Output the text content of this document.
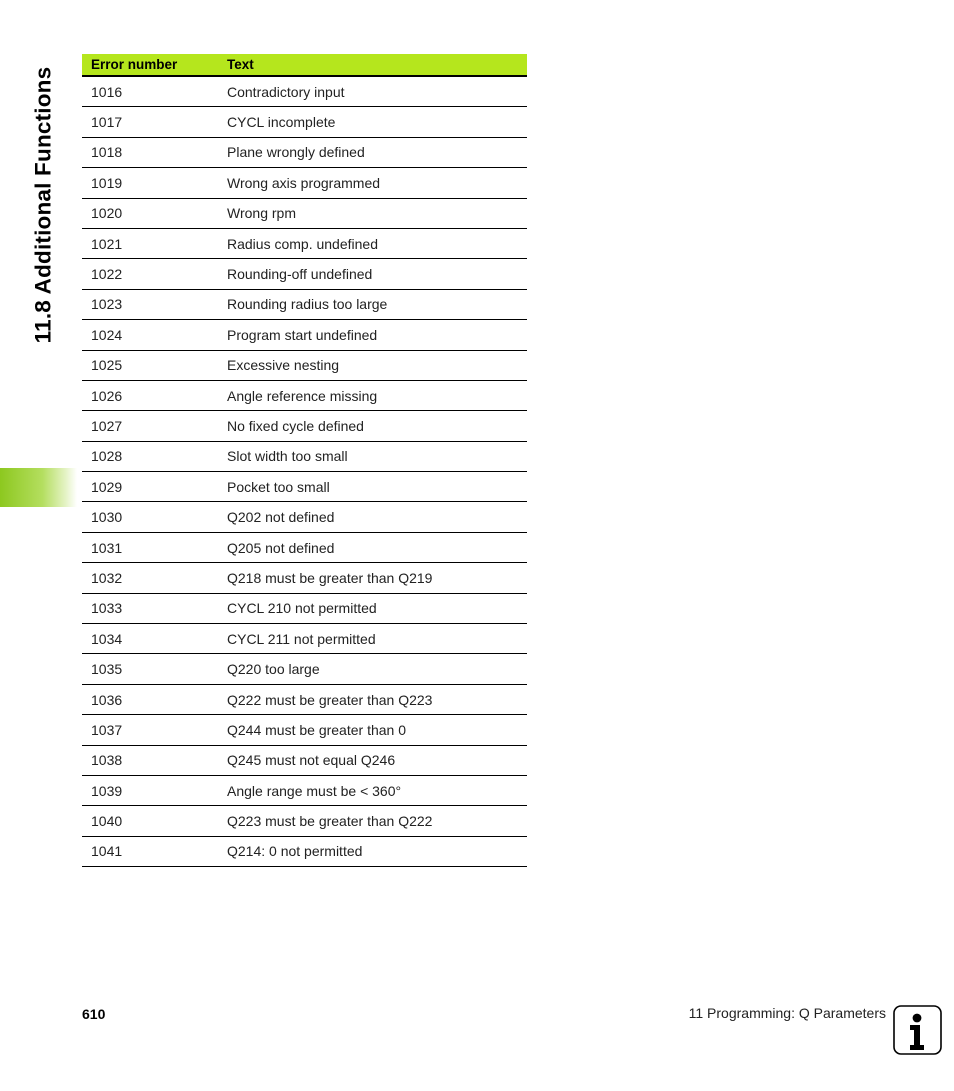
11.8 Additional Functions
Error number	Text
1016	Contradictory input
1017	CYCL incomplete
1018	Plane wrongly defined
1019	Wrong axis programmed
1020	Wrong rpm
1021	Radius comp. undefined
1022	Rounding-off undefined
1023	Rounding radius too large
1024	Program start undefined
1025	Excessive nesting
1026	Angle reference missing
1027	No fixed cycle defined
1028	Slot width too small
1029	Pocket too small
1030	Q202 not defined
1031	Q205 not defined
1032	Q218 must be greater than Q219
1033	CYCL 210 not permitted
1034	CYCL 211 not permitted
1035	Q220 too large
1036	Q222 must be greater than Q223
1037	Q244 must be greater than 0
1038	Q245 must not equal Q246
1039	Angle range must be < 360°
1040	Q223 must be greater than Q222
1041	Q214: 0 not permitted
610	11 Programming: Q Parameters
